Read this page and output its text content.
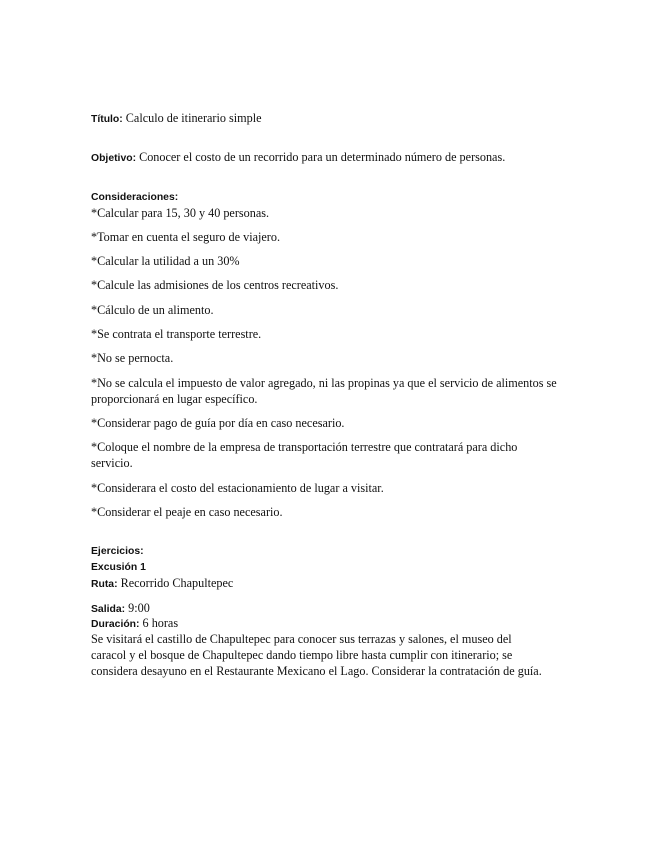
Título: Calculo de itinerario simple
Objetivo: Conocer el costo de un recorrido para un determinado número de personas.
Consideraciones:
*Calcular para 15, 30 y 40 personas.
*Tomar en cuenta el seguro de viajero.
*Calcular la utilidad a un 30%
*Calcule las admisiones de los centros recreativos.
*Cálculo de un alimento.
*Se contrata el transporte terrestre.
*No se pernocta.
*No se calcula el impuesto de valor agregado, ni las propinas ya que el servicio de alimentos se proporcionará en lugar específico.
*Considerar pago de guía por día en caso necesario.
*Coloque el nombre de la empresa de transportación terrestre que contratará para dicho servicio.
*Considerara el costo del estacionamiento de lugar a visitar.
*Considerar el peaje en caso necesario.
Ejercicios:
Excusión 1
Ruta: Recorrido Chapultepec
Salida: 9:00
Duración: 6 horas
Se visitará el castillo de Chapultepec para conocer sus terrazas y salones, el museo del caracol y el bosque de Chapultepec dando tiempo libre hasta cumplir con itinerario; se considera desayuno en el Restaurante Mexicano el Lago. Considerar la contratación de guía.
